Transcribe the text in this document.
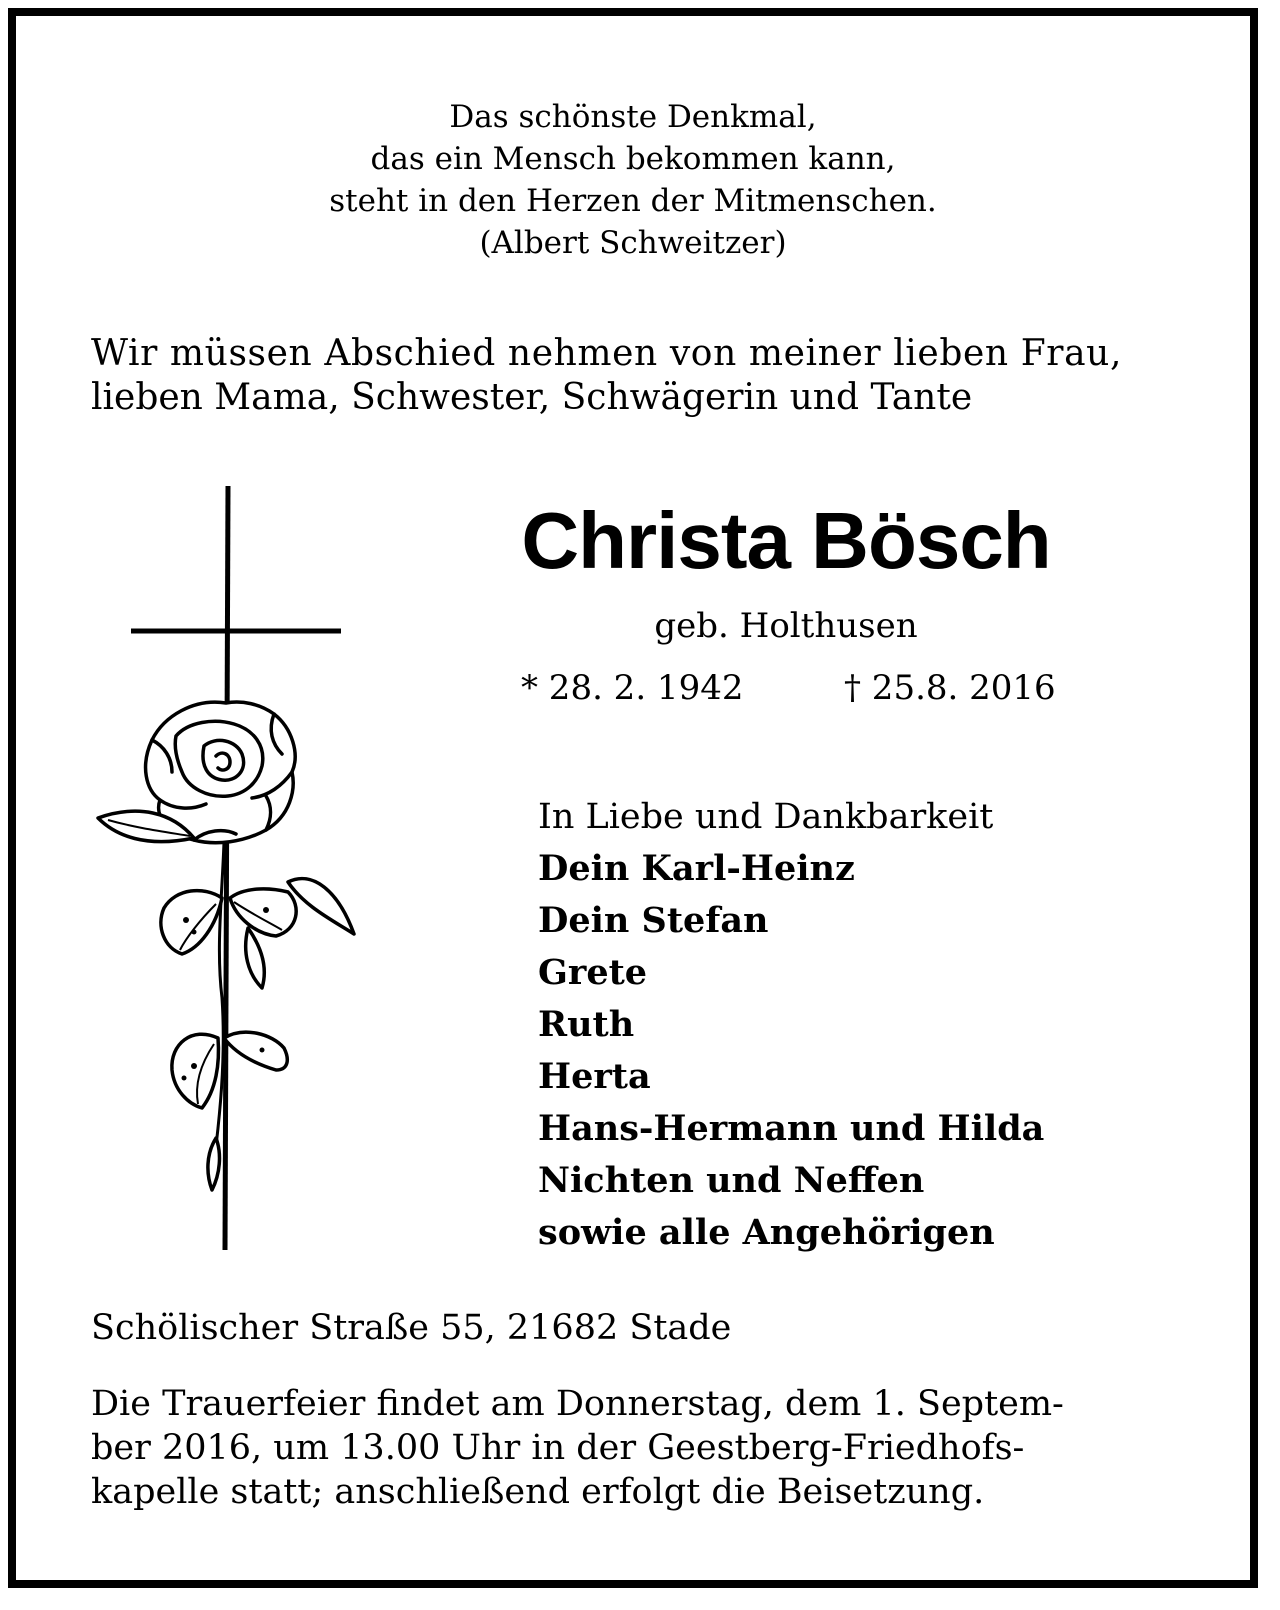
Das schönste Denkmal,
das ein Mensch bekommen kann,
steht in den Herzen der Mitmenschen.
(Albert Schweitzer)
Wir müssen Abschied nehmen von meiner lieben Frau,
lieben Mama, Schwester, Schwägerin und Tante
Christa Bösch
geb. Holthusen
* 28. 2. 1942	† 25.8. 2016
In Liebe und Dankbarkeit
Dein Karl-Heinz
Dein Stefan
Grete
Ruth
Herta
Hans-Hermann und Hilda
Nichten und Neffen
sowie alle Angehörigen
Schölischer Straße 55, 21682 Stade
Die Trauerfeier findet am Donnerstag, dem 1. Septem-
ber 2016, um 13.00 Uhr in der Geestberg-Friedhofs-
kapelle statt; anschließend erfolgt die Beisetzung.
